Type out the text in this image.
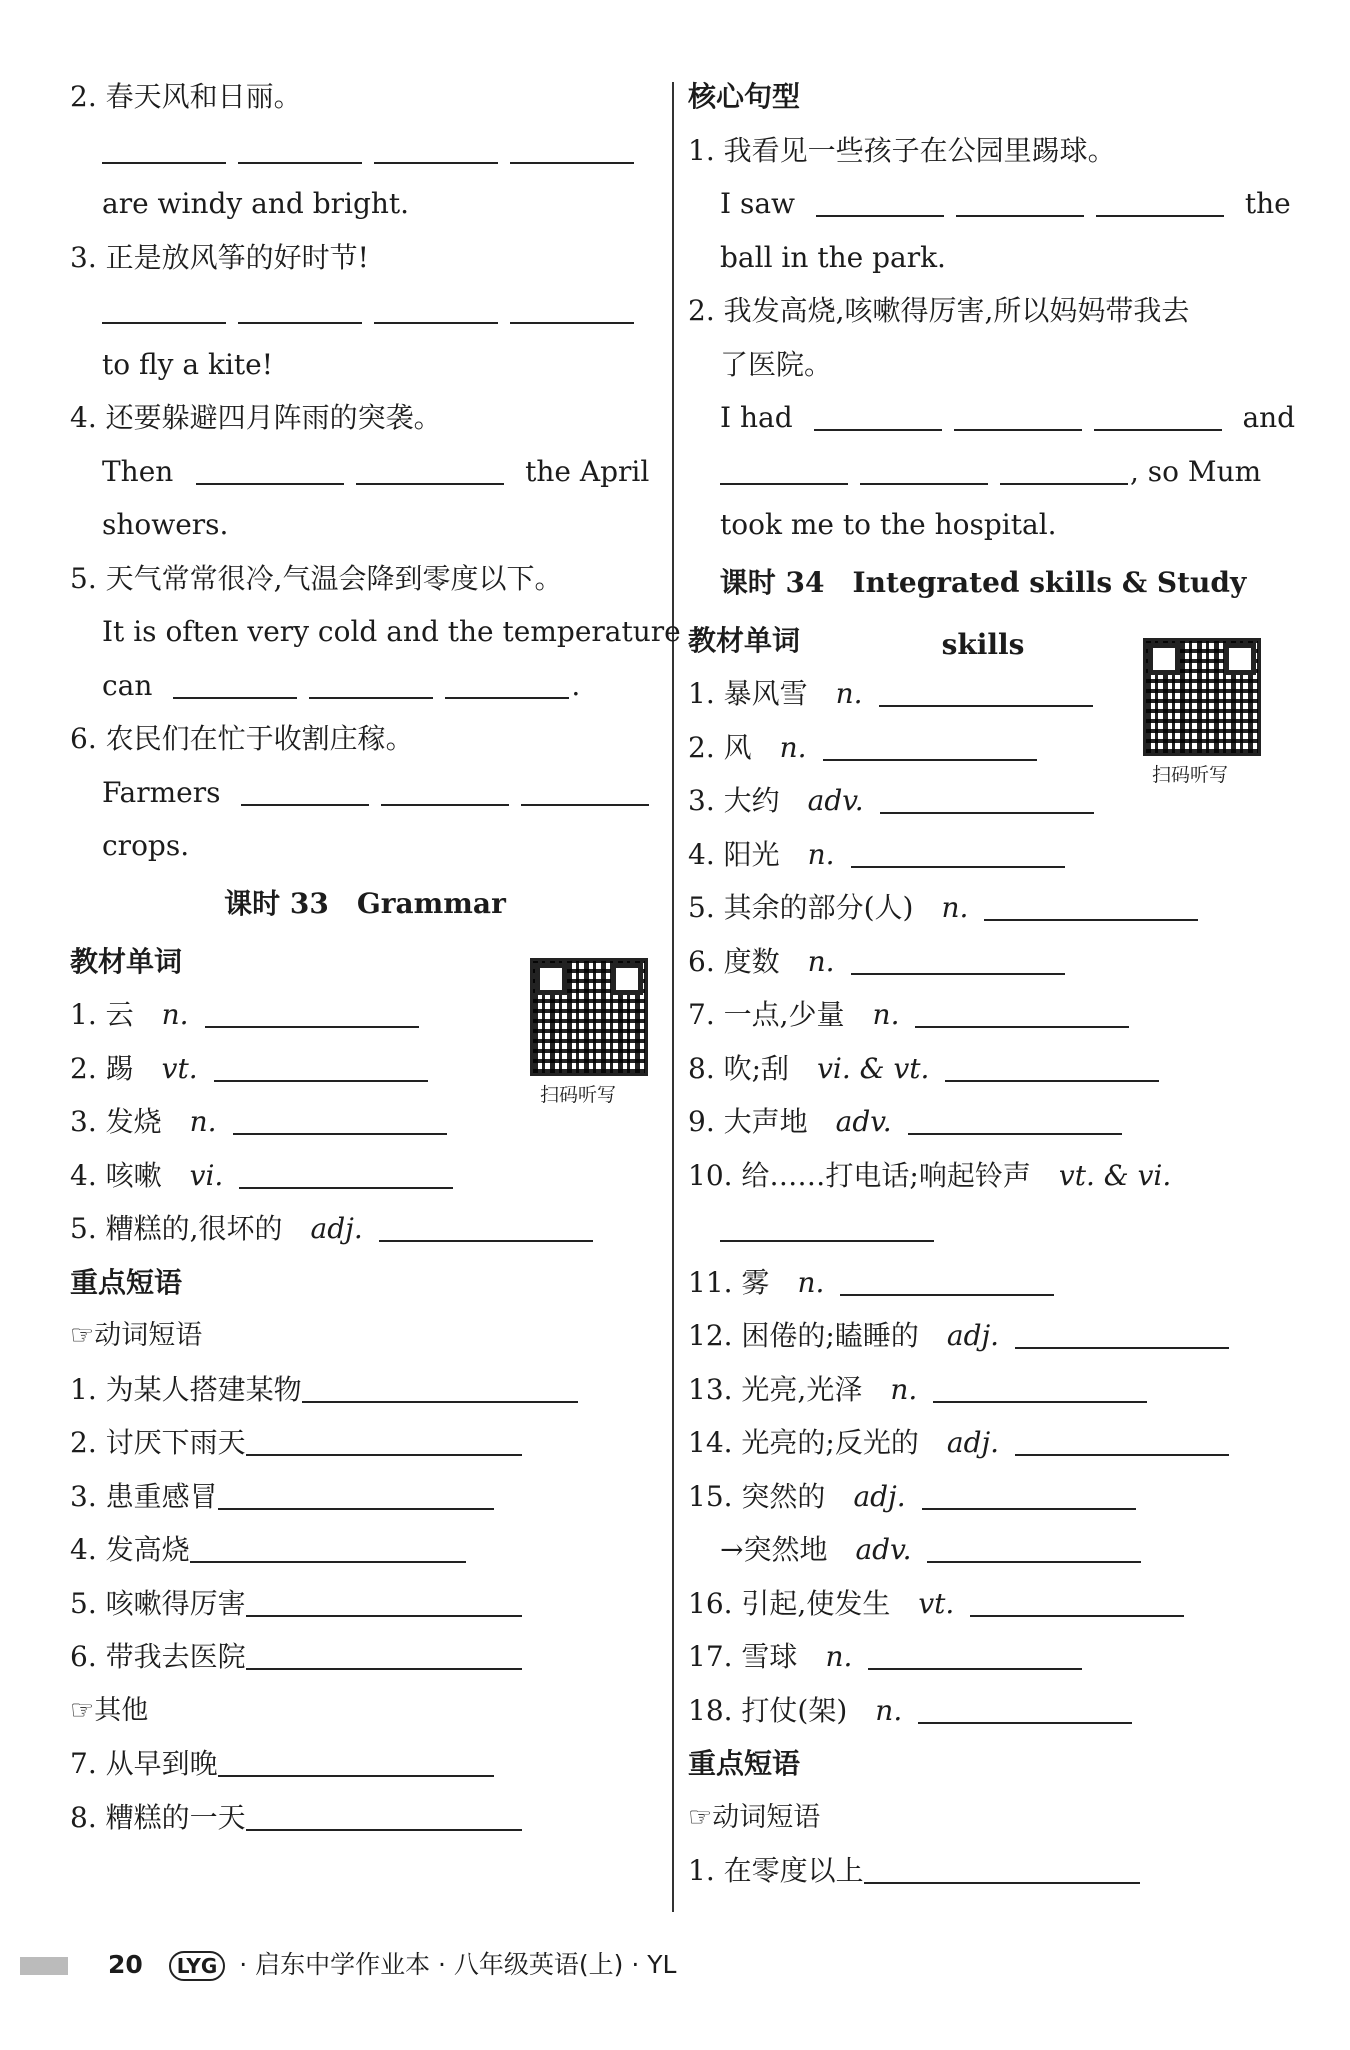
2. 春天风和日丽。
are windy and bright.
3. 正是放风筝的好时节!
to fly a kite!
4. 还要躲避四月阵雨的突袭。
Then	the April
showers.
5. 天气常常很冷,气温会降到零度以下。
It is often very cold and the temperature
can	.
6. 农民们在忙于收割庄稼。
Farmers
crops.
课时 33　Grammar
教材单词
扫码听写
1. 云 n.
2. 踢 vt.
3. 发烧 n.
4. 咳嗽 vi.
5. 糟糕的,很坏的 adj.
重点短语
☞动词短语
1. 为某人搭建某物
2. 讨厌下雨天
3. 患重感冒
4. 发高烧
5. 咳嗽得厉害
6. 带我去医院
☞其他
7. 从早到晚
8. 糟糕的一天
核心句型
1. 我看见一些孩子在公园里踢球。
I saw	the
ball in the park.
2. 我发高烧,咳嗽得厉害,所以妈妈带我去
了医院。
I had	and
, so Mum
took me to the hospital.
课时 34　Integrated skills & Study skills
教材单词
扫码听写
1. 暴风雪 n.
2. 风 n.
3. 大约 adv.
4. 阳光 n.
5. 其余的部分(人) n.
6. 度数 n.
7. 一点,少量 n.
8. 吹;刮 vi. & vt.
9. 大声地 adv.
10. 给……打电话;响起铃声 vt. & vi.
11. 雾 n.
12. 困倦的;瞌睡的 adj.
13. 光亮,光泽 n.
14. 光亮的;反光的 adj.
15. 突然的 adj.
→突然地 adv.
16. 引起,使发生 vt.
17. 雪球 n.
18. 打仗(架) n.
重点短语
☞动词短语
1. 在零度以上
20 LYG · 启东中学作业本 · 八年级英语(上) · YL
